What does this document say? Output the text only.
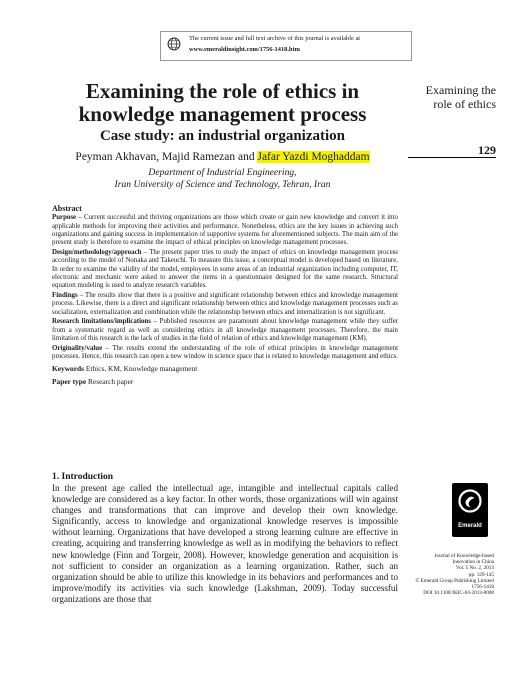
The current issue and full text archive of this journal is available at
www.emeraldinsight.com/1756-1418.htm
Examining the
role of ethics
129
Examining the role of ethics in
knowledge management process
Case study: an industrial organization
Peyman Akhavan, Majid Ramezan and Jafar Yazdi Moghaddam
Department of Industrial Engineering,
Iran University of Science and Technology, Tehran, Iran
Abstract

Purpose – Current successful and thriving organizations are those which create or gain new knowledge and convert it into applicable methods for improving their activities and performance. Nonetheless, ethics are the key issues in achieving such organizations and gaining success in implementation of supportive systems for aforementioned subjects. The main aim of the present study is therefore to examine the impact of ethical principles on knowledge management processes.

Design/methodology/approach – The present paper tries to study the impact of ethics on knowledge management process according to the model of Nonaka and Takeuchi. To measure this issue, a conceptual model is developed based on literature. In order to examine the validity of the model, employees in some areas of an industrial organization including computer, IT, electronic and mechanic were asked to answer the items in a questionnaire designed for the same research. Structural equation modeling is used to analyze research variables.

Findings – The results show that there is a positive and significant relationship between ethics and knowledge management process. Likewise, there is a direct and significant relationship between ethics and knowledge management processes such as socialization, externalization and combination while the relationship between ethics and internalization is not significant.

Research limitations/implications – Published resources are paramount about knowledge management while they suffer from a systematic regard as well as considering ethics in all knowledge management processes. Therefore, the main limitation of this research is the lack of studies in the field of relation of ethics and knowledge management (KM).

Originality/value – The results extend the understanding of the role of ethical principles in knowledge management processes. Hence, this research can open a new window in science space that is related to knowledge management and ethics.

Keywords Ethics, KM, Knowledge management
Paper type Research paper
1. Introduction
In the present age called the intellectual age, intangible and intellectual capitals called knowledge are considered as a key factor. In other words, those organizations will win against changes and transformations that can improve and develop their own knowledge. Significantly, access to knowledge and organizational knowledge reserves is impossible without learning. Organizations that have developed a strong learning culture are effective in creating, acquiring and transferring knowledge as well as in modifying the behaviors to reflect new knowledge (Finn and Torgeir, 2008). However, knowledge generation and acquisition is not sufficient to consider an organization as a learning organization. Rather, such an organization should be able to utilize this knowledge in its behaviors and performances and to improve/modify its activities via such knowledge (Lakshman, 2009). Today successful organizations are those that
Emerald
Journal of Knowledge-based
Innovation in China
Vol. 5 No. 2, 2013
pp. 129-145
© Emerald Group Publishing Limited
1756-1418
DOI 10.1108/JKIC-04-2013-0008
